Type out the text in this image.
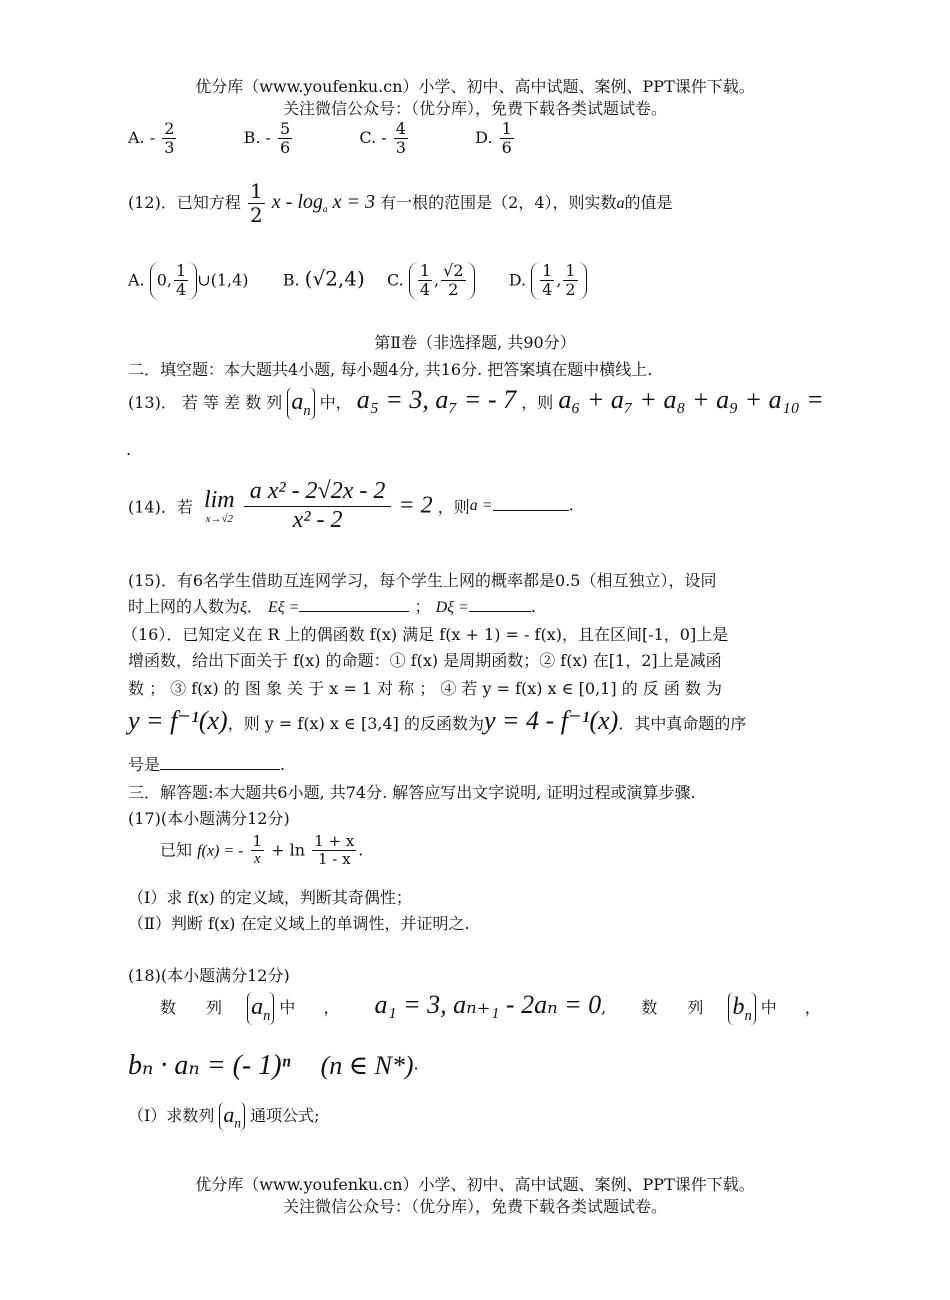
优分库（www.youfenku.cn）小学、初中、高中试题、案例、PPT课件下载。
关注微信公众号：（优分库），免费下载各类试题试卷。
A. - $\frac{2}{3}$	B. - $\frac{5}{6}$	C. - $\frac{4}{3}$	D. $\frac{1}{6}$
(12)．已知方程 $\frac{1}{2}$ $x - \log_a x = 3$ 有一根的范围是（2，4），则实数a的值是
A. 0, $\frac{1}{4}$ ∪(1,4) B. (√2,4) C. $\frac{1}{4}$ , $\frac{√2}{2}$	D. $\frac{1}{4}$ , $\frac{1}{2}$
第Ⅱ卷（非选择题, 共90分）
二．填空题：本大题共4小题, 每小题4分, 共16分. 把答案填在题中横线上.
(13)． 若 等 差 数 列 $a_n$ 中， a₅ = 3, a₇ = - 7 ，则 a₆ + a₇ + a₈ + a₉ + a₁₀ =
.
(14)．若 lim
x→√2
$\frac{\text{a x² - 2√2x - 2}}{\text{x² - 2}} = 2$ ，则a =	.
(15)．有6名学生借助互连网学习，每个学生上网的概率都是0.5（相互独立），设同
时上网的人数为ξ． Eξ =	； Dξ =	.
（16）．已知定义在 R 上的偶函数 f(x) 满足 f(x + 1) = - f(x)，且在区间[-1，0]上是
增函数，给出下面关于 f(x) 的命题：① f(x) 是周期函数；② f(x) 在[1，2]上是减函
数 ； ③ f(x) 的 图 象 关 于 x = 1 对 称 ； ④ 若 y = f(x) x ∈ [0,1] 的 反 函 数 为
y = f⁻¹(x)，则 y = f(x) x ∈ [3,4] 的反函数为y = 4 - f⁻¹(x)．其中真命题的序
号是	.
三．解答题:本大题共6小题, 共74分. 解答应写出文字说明, 证明过程或演算步骤.
(17)(本小题满分12分)
已知 f(x) = - $\frac{1}{x} + \ln \frac{1 + x}{1 - x}$ .
（Ⅰ）求 f(x) 的定义域，判断其奇偶性；
（Ⅱ）判断 f(x) 在定义域上的单调性，并证明之.
(18)(本小题满分12分)
数 列 $a_n$ 中 ， a₁ = 3, aₙ₊₁ - 2aₙ = 0, 数 列 $b_n$ 中 ，
bₙ · aₙ = (- 1)ⁿ (n ∈ N*)·
（Ⅰ）求数列 $a_n$ 通项公式;
优分库（www.youfenku.cn）小学、初中、高中试题、案例、PPT课件下载。
关注微信公众号：（优分库），免费下载各类试题试卷。
